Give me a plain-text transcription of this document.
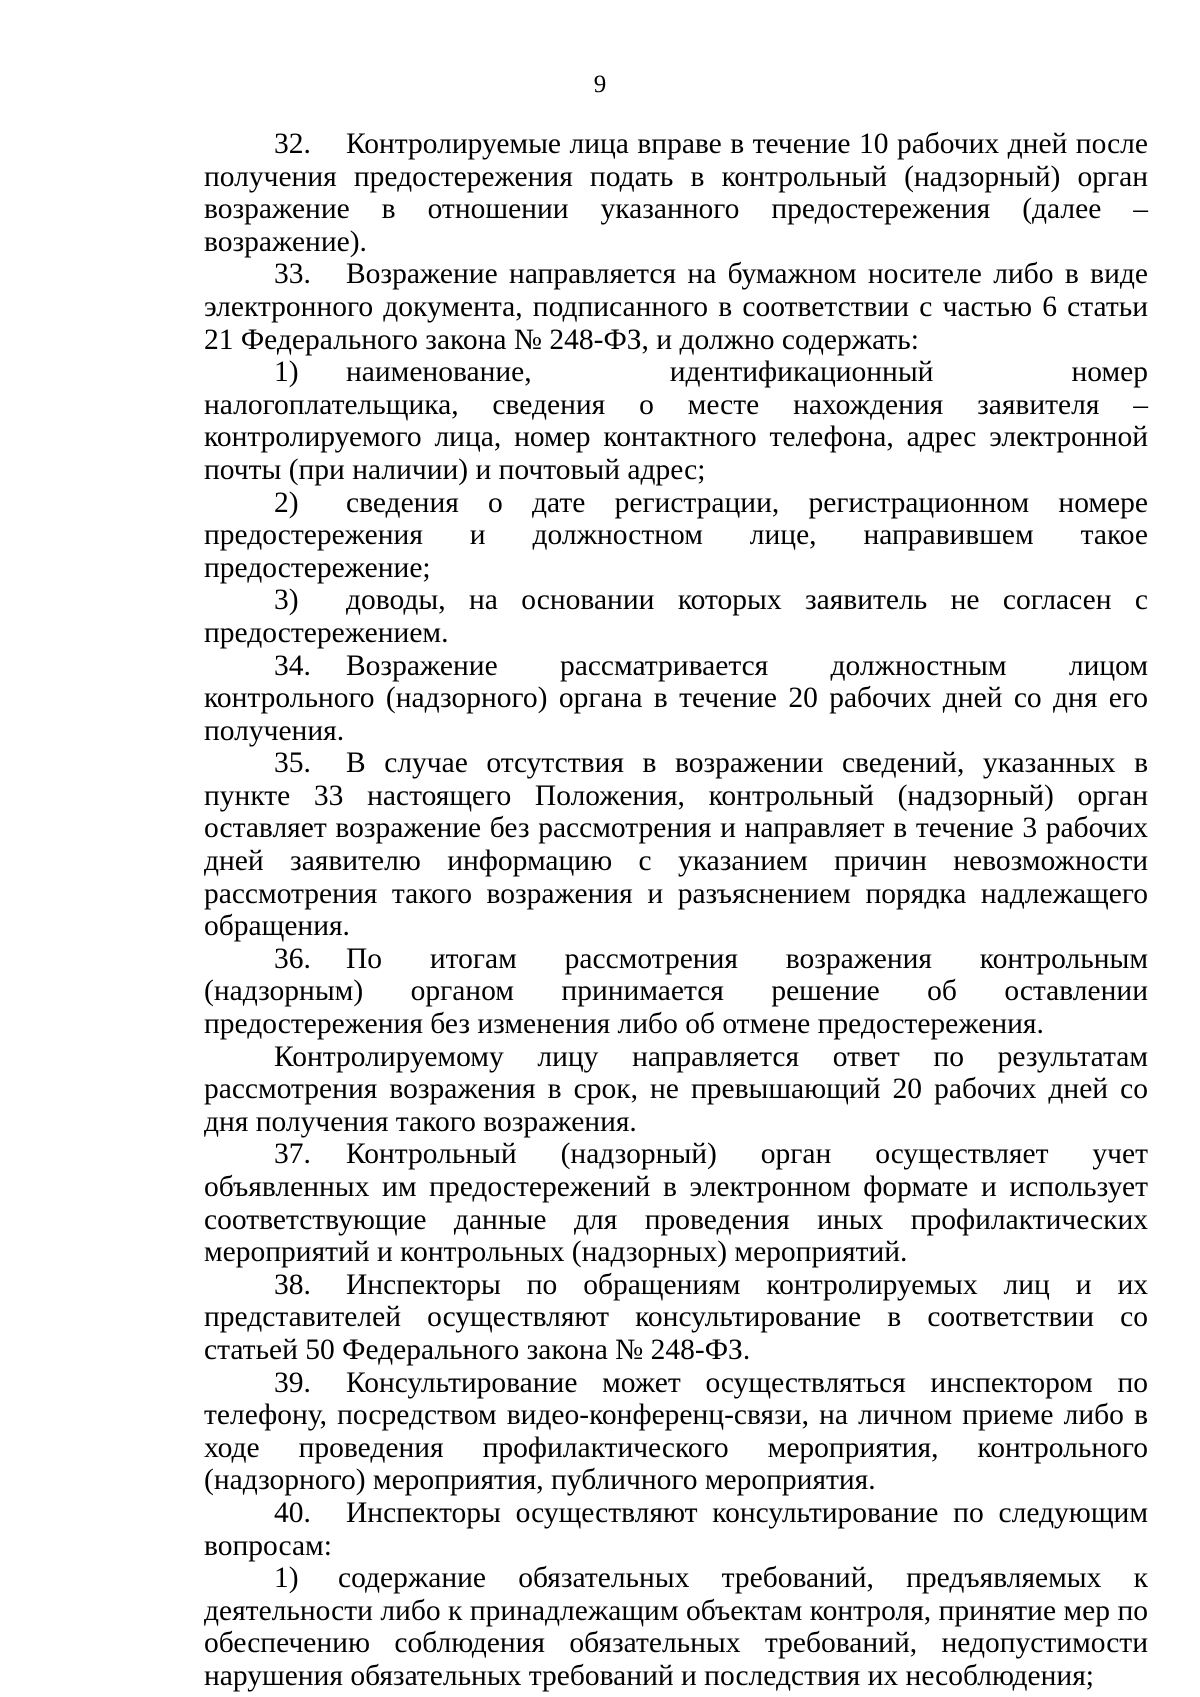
9

32. Контролируемые лица вправе в течение 10 рабочих дней после получения предостережения подать в контрольный (надзорный) орган возражение в отношении указанного предостережения (далее – возражение).

33. Возражение направляется на бумажном носителе либо в виде электронного документа, подписанного в соответствии с частью 6 статьи 21 Федерального закона № 248-ФЗ, и должно содержать:

1) наименование, идентификационный номер налогоплательщика, сведения о месте нахождения заявителя – контролируемого лица, номер контактного телефона, адрес электронной почты (при наличии) и почтовый адрес;

2) сведения о дате регистрации, регистрационном номере предостережения и должностном лице, направившем такое предостережение;

3) доводы, на основании которых заявитель не согласен с предостережением.

34. Возражение рассматривается должностным лицом контрольного (надзорного) органа в течение 20 рабочих дней со дня его получения.

35. В случае отсутствия в возражении сведений, указанных в пункте 33 настоящего Положения, контрольный (надзорный) орган оставляет возражение без рассмотрения и направляет в течение 3 рабочих дней заявителю информацию с указанием причин невозможности рассмотрения такого возражения и разъяснением порядка надлежащего обращения.

36. По итогам рассмотрения возражения контрольным (надзорным) органом принимается решение об оставлении предостережения без изменения либо об отмене предостережения.

Контролируемому лицу направляется ответ по результатам рассмотрения возражения в срок, не превышающий 20 рабочих дней со дня получения такого возражения.

37. Контрольный (надзорный) орган осуществляет учет объявленных им предостережений в электронном формате и использует соответствующие данные для проведения иных профилактических мероприятий и контрольных (надзорных) мероприятий.

38. Инспекторы по обращениям контролируемых лиц и их представителей осуществляют консультирование в соответствии со статьей 50 Федерального закона № 248-ФЗ.

39. Консультирование может осуществляться инспектором по телефону, посредством видео-конференц-связи, на личном приеме либо в ходе проведения профилактического мероприятия, контрольного (надзорного) мероприятия, публичного мероприятия.

40. Инспекторы осуществляют консультирование по следующим вопросам:

1) содержание обязательных требований, предъявляемых к деятельности либо к принадлежащим объектам контроля, принятие мер по обеспечению соблюдения обязательных требований, недопустимости нарушения обязательных требований и последствия их несоблюдения;
